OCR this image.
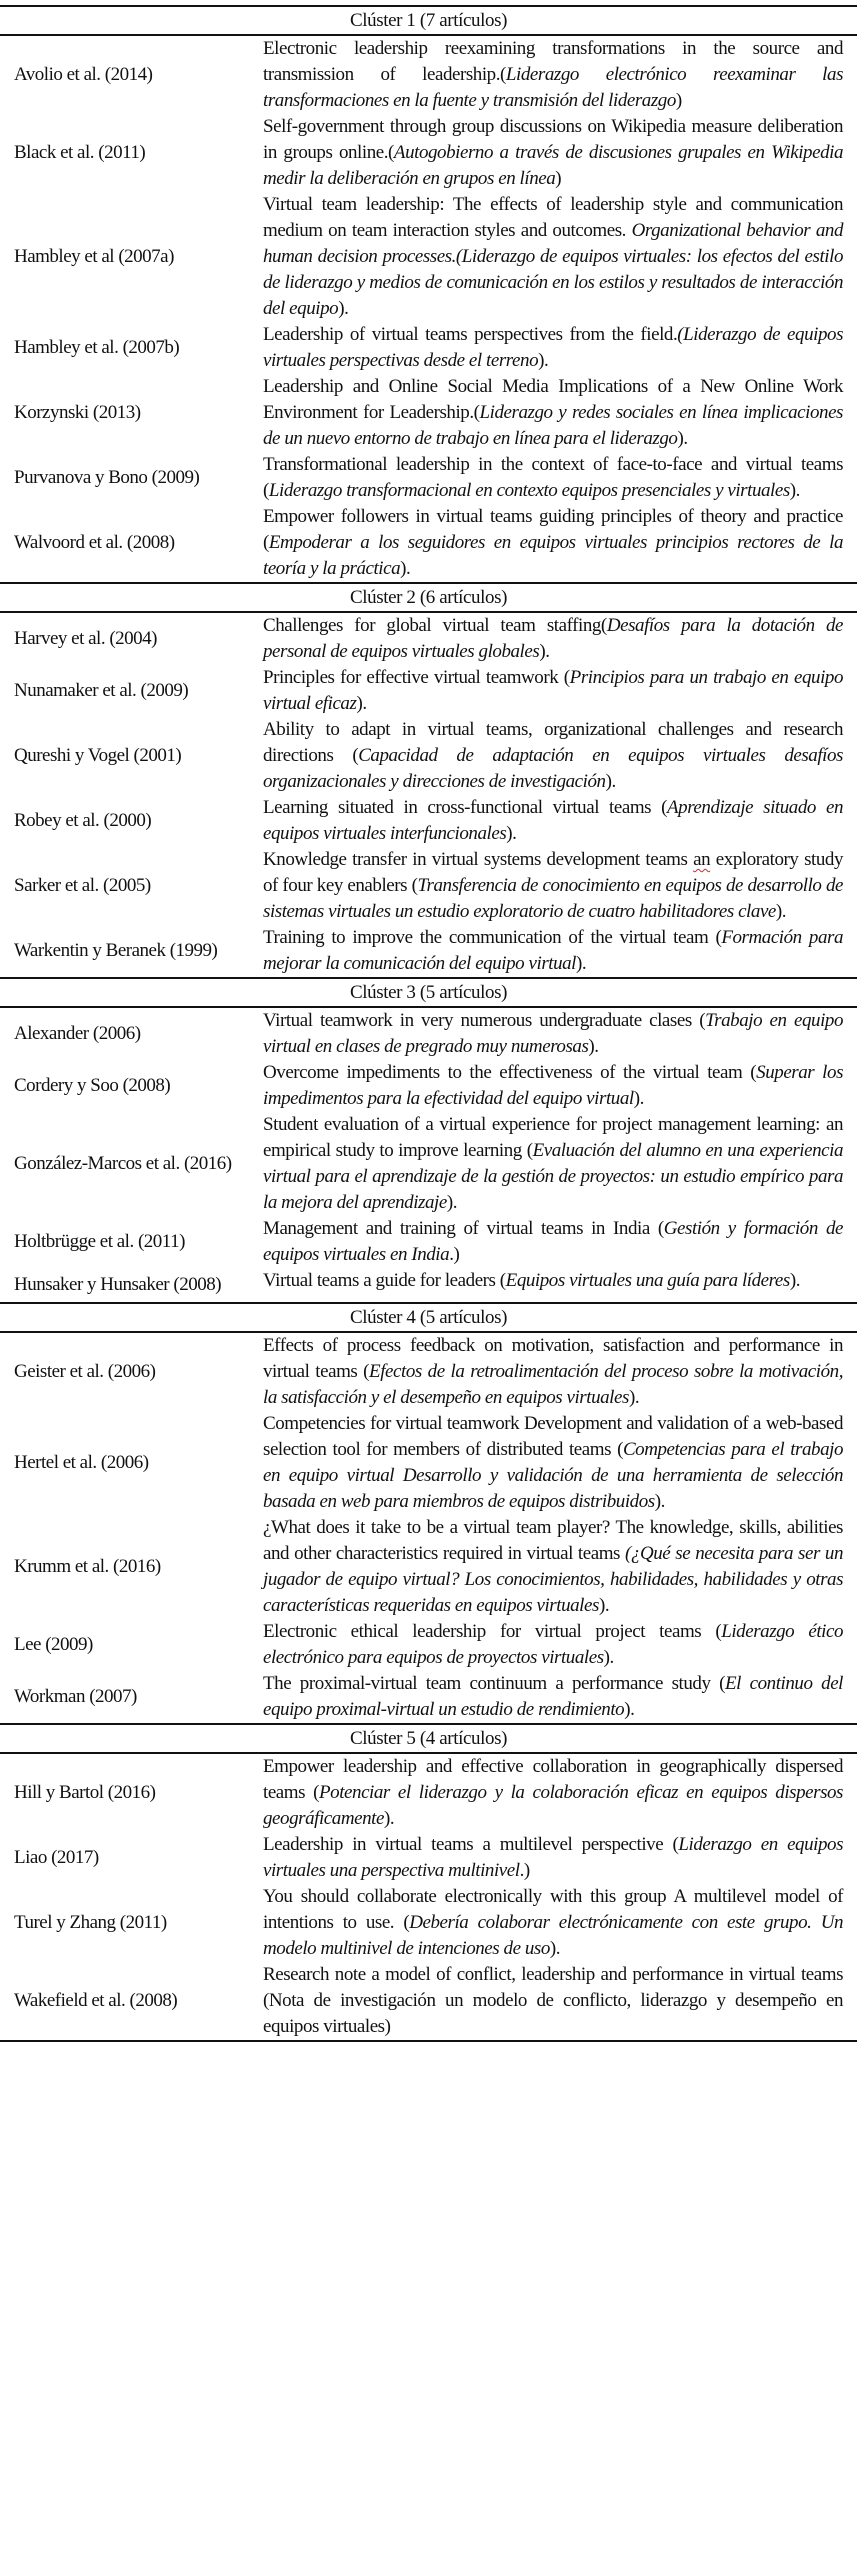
Clúster 1 (7 artículos)	
Avolio et al. (2014)	Electronic leadership reexamining transformations in the source and transmission of leadership.(Liderazgo electrónico reexaminar las transformaciones en la fuente y transmisión del liderazgo)
Black et al. (2011)	Self-government through group discussions on Wikipedia measure deliberation in groups online.(Autogobierno a través de discusiones grupales en Wikipedia medir la deliberación en grupos en línea)
Hambley et al (2007a)	Virtual team leadership: The effects of leadership style and communication medium on team interaction styles and outcomes. Organizational behavior and human decision processes.(Liderazgo de equipos virtuales: los efectos del estilo de liderazgo y medios de comunicación en los estilos y resultados de interacción del equipo).
Hambley et al. (2007b)	Leadership of virtual teams perspectives from the field.(Liderazgo de equipos virtuales perspectivas desde el terreno).
Korzynski (2013)	Leadership and Online Social Media Implications of a New Online Work Environment for Leadership.(Liderazgo y redes sociales en línea implicaciones de un nuevo entorno de trabajo en línea para el liderazgo).
Purvanova y Bono (2009)	Transformational leadership in the context of face-to-face and virtual teams (Liderazgo transformacional en contexto equipos presenciales y virtuales).
Walvoord et al. (2008)	Empower followers in virtual teams guiding principles of theory and practice (Empoderar a los seguidores en equipos virtuales principios rectores de la teoría y la práctica).
Clúster 2 (6 artículos)	
Harvey et al. (2004)	Challenges for global virtual team staffing(Desafíos para la dotación de personal de equipos virtuales globales).
Nunamaker et al. (2009)	Principles for effective virtual teamwork (Principios para un trabajo en equipo virtual eficaz).
Qureshi y Vogel (2001)	Ability to adapt in virtual teams, organizational challenges and research directions (Capacidad de adaptación en equipos virtuales desafíos organizacionales y direcciones de investigación).
Robey et al. (2000)	Learning situated in cross-functional virtual teams (Aprendizaje situado en equipos virtuales interfuncionales).
Sarker et al. (2005)	Knowledge transfer in virtual systems development teams an exploratory study of four key enablers (Transferencia de conocimiento en equipos de desarrollo de sistemas virtuales un estudio exploratorio de cuatro habilitadores clave).
Warkentin y Beranek (1999)	Training to improve the communication of the virtual team (Formación para mejorar la comunicación del equipo virtual).
Clúster 3 (5 artículos)	
Alexander (2006)	Virtual teamwork in very numerous undergraduate clases (Trabajo en equipo virtual en clases de pregrado muy numerosas).
Cordery y Soo (2008)	Overcome impediments to the effectiveness of the virtual team (Superar los impedimentos para la efectividad del equipo virtual).
González-Marcos et al. (2016)	Student evaluation of a virtual experience for project management learning: an empirical study to improve learning (Evaluación del alumno en una experiencia virtual para el aprendizaje de la gestión de proyectos: un estudio empírico para la mejora del aprendizaje).
Holtbrügge et al. (2011)	Management and training of virtual teams in India (Gestión y formación de equipos virtuales en India.)
Hunsaker y Hunsaker (2008)	Virtual teams a guide for leaders (Equipos virtuales una guía para líderes).
Clúster 4 (5 artículos)	
Geister et al. (2006)	Effects of process feedback on motivation, satisfaction and performance in virtual teams (Efectos de la retroalimentación del proceso sobre la motivación, la satisfacción y el desempeño en equipos virtuales).
Hertel et al. (2006)	Competencies for virtual teamwork Development and validation of a web-based selection tool for members of distributed teams (Competencias para el trabajo en equipo virtual Desarrollo y validación de una herramienta de selección basada en web para miembros de equipos distribuidos).
Krumm et al. (2016)	¿What does it take to be a virtual team player? The knowledge, skills, abilities and other characteristics required in virtual teams (¿Qué se necesita para ser un jugador de equipo virtual? Los conocimientos, habilidades, habilidades y otras características requeridas en equipos virtuales).
Lee (2009)	Electronic ethical leadership for virtual project teams (Liderazgo ético electrónico para equipos de proyectos virtuales).
Workman (2007)	The proximal-virtual team continuum a performance study (El continuo del equipo proximal-virtual un estudio de rendimiento).
Clúster 5 (4 artículos)	
Hill y Bartol (2016)	Empower leadership and effective collaboration in geographically dispersed teams (Potenciar el liderazgo y la colaboración eficaz en equipos dispersos geográficamente).
Liao (2017)	Leadership in virtual teams a multilevel perspective (Liderazgo en equipos virtuales una perspectiva multinivel.)
Turel y Zhang (2011)	You should collaborate electronically with this group A multilevel model of intentions to use. (Debería colaborar electrónicamente con este grupo. Un modelo multinivel de intenciones de uso).
Wakefield et al. (2008)	Research note a model of conflict, leadership and performance in virtual teams (Nota de investigación un modelo de conflicto, liderazgo y desempeño en equipos virtuales)
